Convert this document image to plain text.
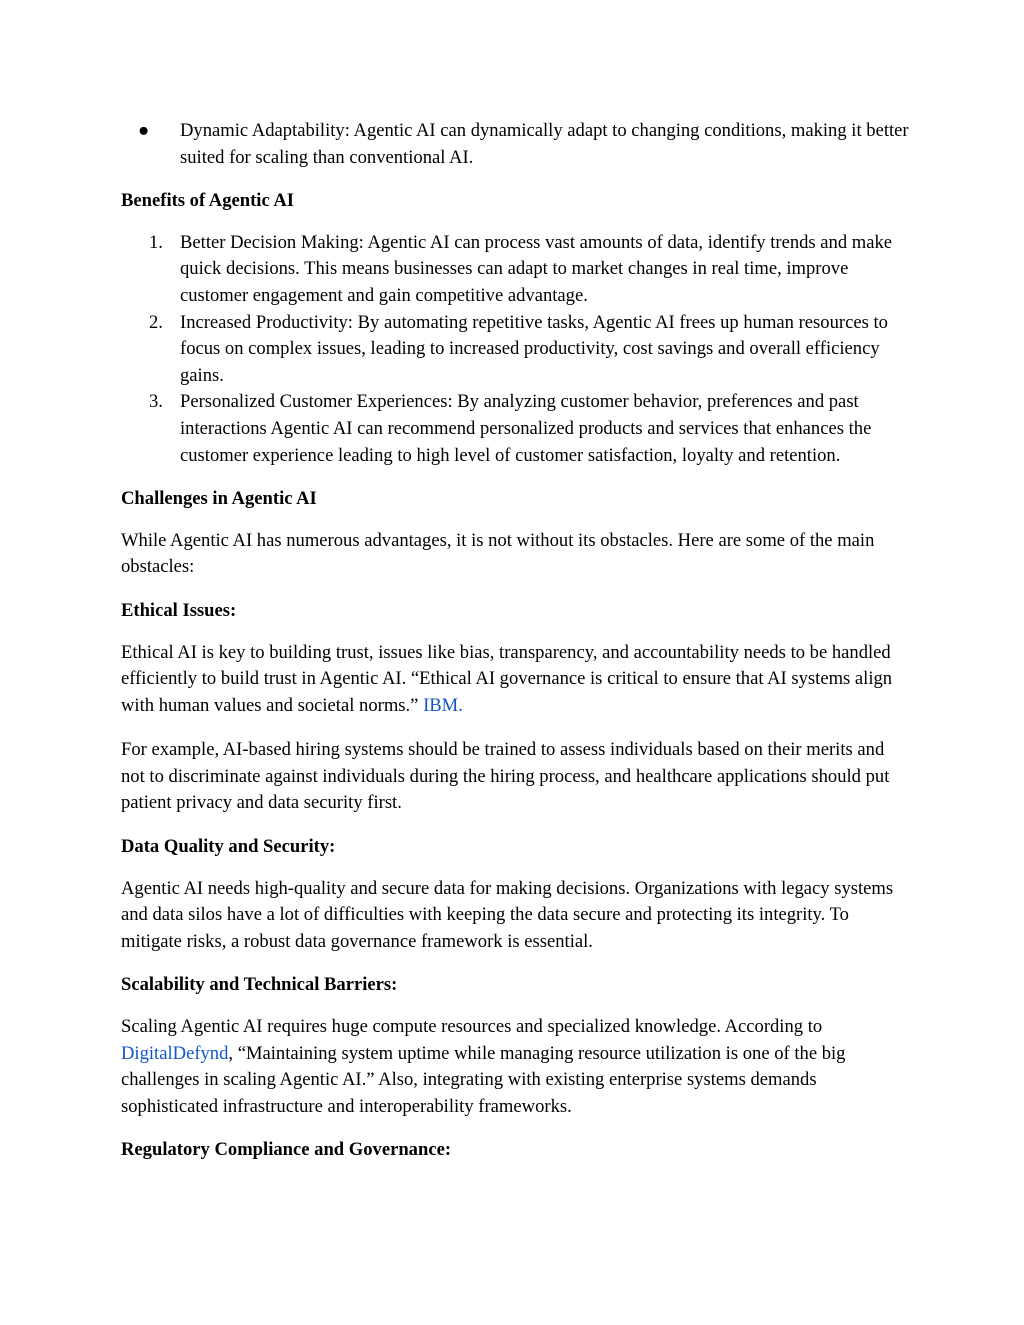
● Dynamic Adaptability: Agentic AI can dynamically adapt to changing conditions, making it better suited for scaling than conventional AI.

Benefits of Agentic AI

1. Better Decision Making: Agentic AI can process vast amounts of data, identify trends and make quick decisions. This means businesses can adapt to market changes in real time, improve customer engagement and gain competitive advantage.
2. Increased Productivity: By automating repetitive tasks, Agentic AI frees up human resources to focus on complex issues, leading to increased productivity, cost savings and overall efficiency gains.
3. Personalized Customer Experiences: By analyzing customer behavior, preferences and past interactions Agentic AI can recommend personalized products and services that enhances the customer experience leading to high level of customer satisfaction, loyalty and retention.

Challenges in Agentic AI

While Agentic AI has numerous advantages, it is not without its obstacles. Here are some of the main obstacles:

Ethical Issues:

Ethical AI is key to building trust, issues like bias, transparency, and accountability needs to be handled efficiently to build trust in Agentic AI. “Ethical AI governance is critical to ensure that AI systems align with human values and societal norms.” IBM.

For example, AI-based hiring systems should be trained to assess individuals based on their merits and not to discriminate against individuals during the hiring process, and healthcare applications should put patient privacy and data security first.

Data Quality and Security:

Agentic AI needs high-quality and secure data for making decisions. Organizations with legacy systems and data silos have a lot of difficulties with keeping the data secure and protecting its integrity. To mitigate risks, a robust data governance framework is essential.

Scalability and Technical Barriers:

Scaling Agentic AI requires huge compute resources and specialized knowledge. According to DigitalDefynd, “Maintaining system uptime while managing resource utilization is one of the big challenges in scaling Agentic AI.” Also, integrating with existing enterprise systems demands sophisticated infrastructure and interoperability frameworks.

Regulatory Compliance and Governance:
